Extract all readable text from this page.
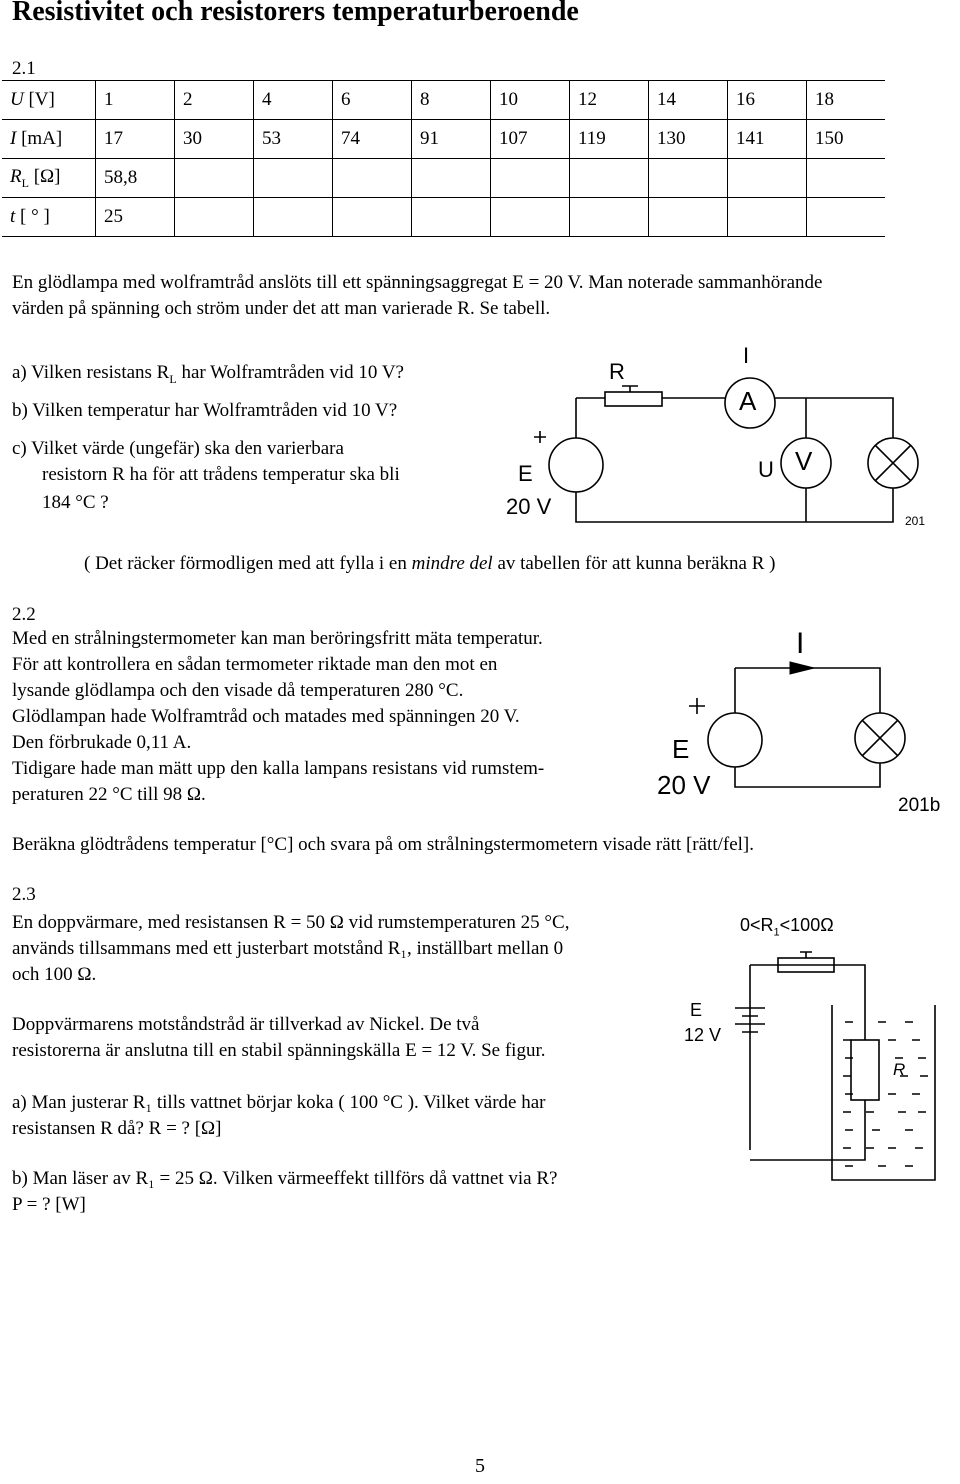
Resistivitet och resistorers temperaturberoende
2.1
U [V]	1	2	4	6	8	10	12	14	16	18
I [mA]	17	30	53	74	91	107	119	130	141	150
$R_L$ [Ω]	58,8									
t [ ° ]	25									
En glödlampa med wolframtråd anslöts till ett spänningsaggregat E = 20 V. Man noterade sammanhörande
värden på spänning och ström under det att man varierade R. Se tabell.
a) Vilken resistans $R_L$ har Wolframtråden vid 10 V?
b) Vilken temperatur har Wolframtråden vid 10 V?
c) Vilket värde (ungefär) ska den varierbara
resistorn R ha för att trådens temperatur ska bli
184 °C ?
( Det räcker förmodligen med att fylla i en mindre del av tabellen för att kunna beräkna R )
R
I
A
V
U
E
20 V
201
2.2
Med en strålningstermometer kan man beröringsfritt mäta temperatur.
För att kontrollera en sådan termometer riktade man den mot en
lysande glödlampa och den visade då temperaturen 280 °C.
Glödlampan hade Wolframtråd och matades med spänningen 20 V.
Den förbrukade 0,11 A.
Tidigare hade man mätt upp den kalla lampans resistans vid rumstem-
peraturen 22 °C till 98 Ω.
Beräkna glödtrådens temperatur [°C] och svara på om strålningstermometern visade rätt [rätt/fel].
I
E
20 V
201b
2.3
En doppvärmare, med resistansen R = 50 Ω vid rumstemperaturen 25 °C,
används tillsammans med ett justerbart motstånd R₁, inställbart mellan 0
och 100 Ω.
Doppvärmarens motståndstråd är tillverkad av Nickel. De två
resistorerna är anslutna till en stabil spänningskälla E = 12 V. Se figur.
a) Man justerar R₁ tills vattnet börjar koka ( 100 °C ). Vilket värde har
resistansen R då? R = ? [Ω]
b) Man läser av R₁ = 25 Ω. Vilken värmeeffekt tillförs då vattnet via R?
P = ? [W]
$0<R_1<100\Omega$
E
12 V
R
5
